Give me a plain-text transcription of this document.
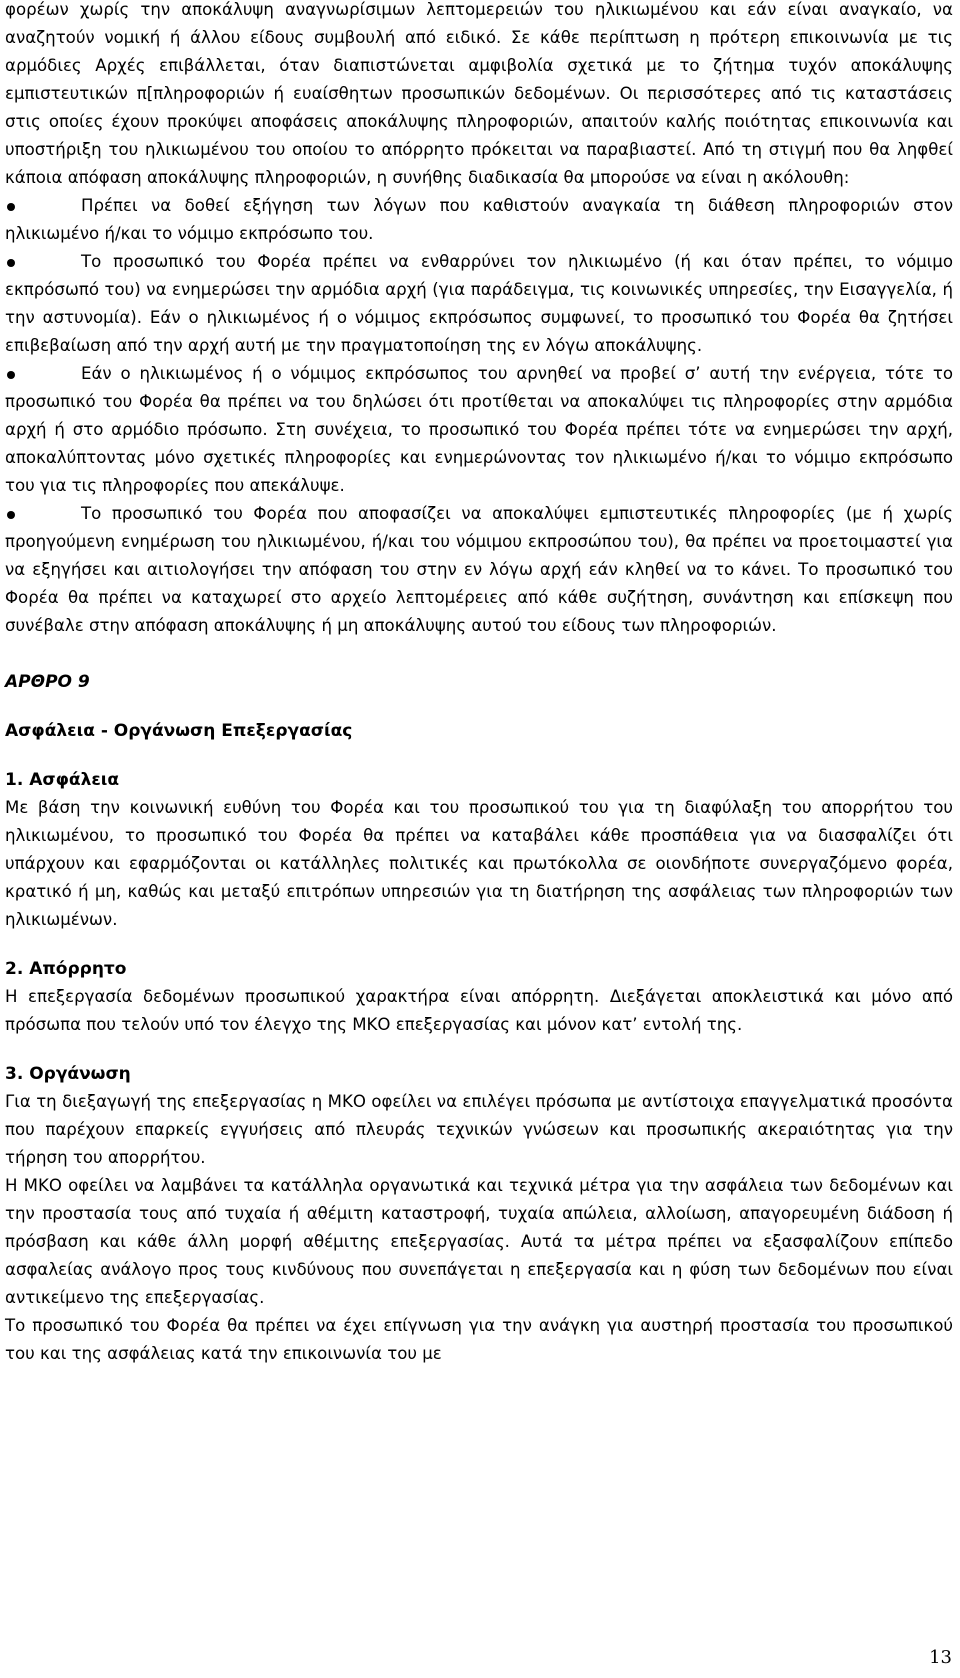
φορέων χωρίς την αποκάλυψη αναγνωρίσιμων λεπτομερειών του ηλικιωμένου και εάν είναι αναγκαίο, να αναζητούν νομική ή άλλου είδους συμβουλή από ειδικό. Σε κάθε περίπτωση η πρότερη επικοινωνία με τις αρμόδιες Αρχές επιβάλλεται, όταν διαπιστώνεται αμφιβολία σχετικά με το ζήτημα τυχόν αποκάλυψης εμπιστευτικών π[πληροφοριών ή ευαίσθητων προσωπικών δεδομένων. Οι περισσότερες από τις καταστάσεις στις οποίες έχουν προκύψει αποφάσεις αποκάλυψης πληροφοριών, απαιτούν καλής ποιότητας επικοινωνία και υποστήριξη του ηλικιωμένου του οποίου το απόρρητο πρόκειται να παραβιαστεί. Από τη στιγμή που θα ληφθεί κάποια απόφαση αποκάλυψης πληροφοριών, η συνήθης διαδικασία θα μπορούσε να είναι η ακόλουθη:

Πρέπει να δοθεί εξήγηση των λόγων που καθιστούν αναγκαία τη διάθεση πληροφοριών στον ηλικιωμένο ή/και το νόμιμο εκπρόσωπο του.

Το προσωπικό του Φορέα πρέπει να ενθαρρύνει τον ηλικιωμένο (ή και όταν πρέπει, το νόμιμο εκπρόσωπό του) να ενημερώσει την αρμόδια αρχή (για παράδειγμα, τις κοινωνικές υπηρεσίες, την Εισαγγελία, ή την αστυνομία). Εάν ο ηλικιωμένος ή ο νόμιμος εκπρόσωπος συμφωνεί, το προσωπικό του Φορέα θα ζητήσει επιβεβαίωση από την αρχή αυτή με την πραγματοποίηση της εν λόγω αποκάλυψης.

Εάν ο ηλικιωμένος ή ο νόμιμος εκπρόσωπος του αρνηθεί να προβεί σ’ αυτή την ενέργεια, τότε το προσωπικό του Φορέα θα πρέπει να του δηλώσει ότι προτίθεται να αποκαλύψει τις πληροφορίες στην αρμόδια αρχή ή στο αρμόδιο πρόσωπο. Στη συνέχεια, το προσωπικό του Φορέα πρέπει τότε να ενημερώσει την αρχή, αποκαλύπτοντας μόνο σχετικές πληροφορίες και ενημερώνοντας τον ηλικιωμένο ή/και το νόμιμο εκπρόσωπο του για τις πληροφορίες που απεκάλυψε.

Το προσωπικό του Φορέα που αποφασίζει να αποκαλύψει εμπιστευτικές πληροφορίες (με ή χωρίς προηγούμενη ενημέρωση του ηλικιωμένου, ή/και του νόμιμου εκπροσώπου του), θα πρέπει να προετοιμαστεί για να εξηγήσει και αιτιολογήσει την απόφαση του στην εν λόγω αρχή εάν κληθεί να το κάνει. Το προσωπικό του Φορέα θα πρέπει να καταχωρεί στο αρχείο λεπτομέρειες από κάθε συζήτηση, συνάντηση και επίσκεψη που συνέβαλε στην απόφαση αποκάλυψης ή μη αποκάλυψης αυτού του είδους των πληροφοριών.

ΑΡΘΡΟ 9

Ασφάλεια - Οργάνωση Επεξεργασίας

1. Ασφάλεια

Με βάση την κοινωνική ευθύνη του Φορέα και του προσωπικού του για τη διαφύλαξη του απορρήτου του ηλικιωμένου, το προσωπικό του Φορέα θα πρέπει να καταβάλει κάθε προσπάθεια για να διασφαλίζει ότι υπάρχουν και εφαρμόζονται οι κατάλληλες πολιτικές και πρωτόκολλα σε οιονδήποτε συνεργαζόμενο φορέα, κρατικό ή μη, καθώς και μεταξύ επιτρόπων υπηρεσιών για τη διατήρηση της ασφάλειας των πληροφοριών των ηλικιωμένων.

2. Απόρρητο

Η επεξεργασία δεδομένων προσωπικού χαρακτήρα είναι απόρρητη. Διεξάγεται αποκλειστικά και μόνο από πρόσωπα που τελούν υπό τον έλεγχο της ΜΚΟ επεξεργασίας και μόνον κατ’ εντολή της.

3. Οργάνωση

Για τη διεξαγωγή της επεξεργασίας η ΜΚΟ οφείλει να επιλέγει πρόσωπα με αντίστοιχα επαγγελματικά προσόντα που παρέχουν επαρκείς εγγυήσεις από πλευράς τεχνικών γνώσεων και προσωπικής ακεραιότητας για την τήρηση του απορρήτου.

Η ΜΚΟ οφείλει να λαμβάνει τα κατάλληλα οργανωτικά και τεχνικά μέτρα για την ασφάλεια των δεδομένων και την προστασία τους από τυχαία ή αθέμιτη καταστροφή, τυχαία απώλεια, αλλοίωση, απαγορευμένη διάδοση ή πρόσβαση και κάθε άλλη μορφή αθέμιτης επεξεργασίας. Αυτά τα μέτρα πρέπει να εξασφαλίζουν επίπεδο ασφαλείας ανάλογο προς τους κινδύνους που συνεπάγεται η επεξεργασία και η φύση των δεδομένων που είναι αντικείμενο της επεξεργασίας.

Το προσωπικό του Φορέα θα πρέπει να έχει επίγνωση για την ανάγκη για αυστηρή προστασία του προσωπικού του και της ασφάλειας κατά την επικοινωνία του με

13
